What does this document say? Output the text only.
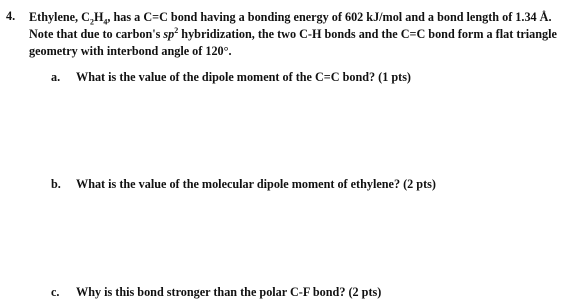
4. Ethylene, $C_2H_4$, has a C=C bond having a bonding energy of 602 kJ/mol and a bond length of 1.34 Å. Note that due to carbon's $sp^2$ hybridization, the two C-H bonds and the C=C bond form a flat triangle geometry with interbond angle of 120°.
a. What is the value of the dipole moment of the C=C bond? (1 pts)
b. What is the value of the molecular dipole moment of ethylene? (2 pts)
c. Why is this bond stronger than the polar C-F bond? (2 pts)
